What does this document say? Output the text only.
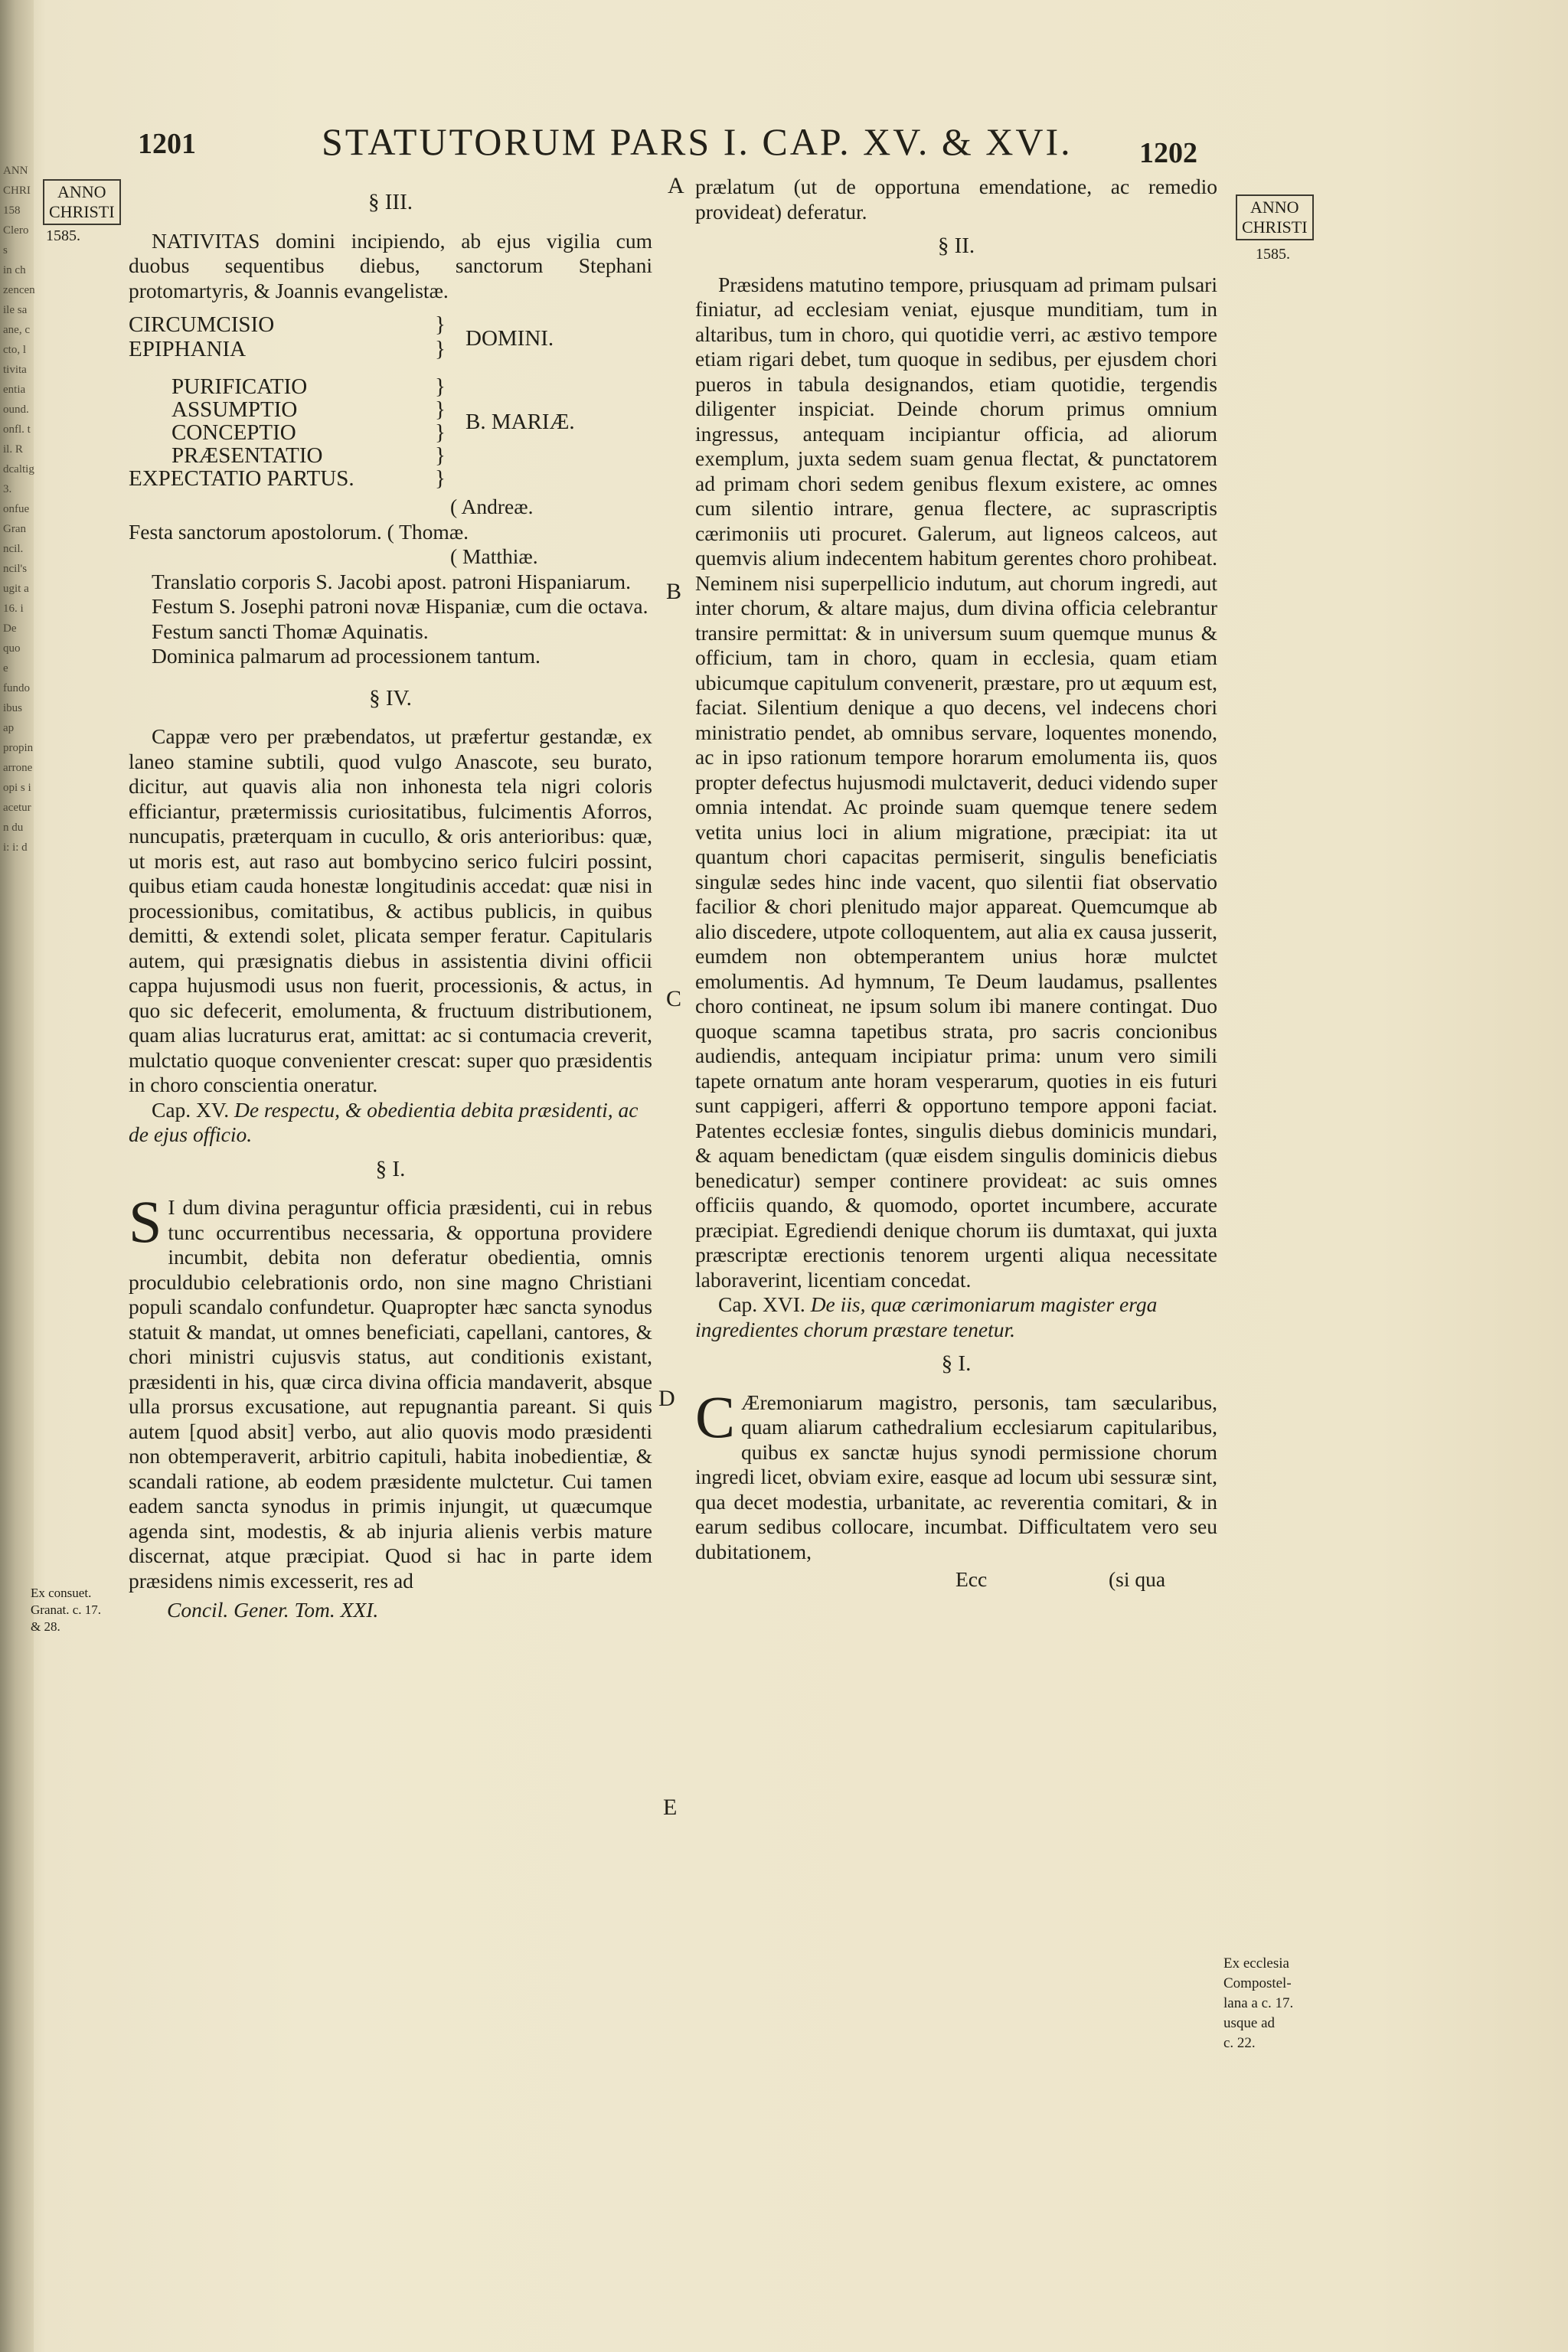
ANN
CHRI
158
Clero s
in ch
zencen
ile sa
ane, c
cto, l
tivita
entia
ound.
onfl. t
il. R
dcaltig
3.
onfue
Gran
ncil.
ncil's
ugit a
16. i
De quo
e fundo
ibus ap
propin
arrone
opi s i
acetur
n du
i: i: d
1201	STATUTORUM PARS I. CAP. XV. & XVI. 1202
ANNO
CHRISTI
1585.
ANNO
CHRISTI
1585.
Ex consuet.
Granat. c. 17.
& 28.
Ex ecclesia
Compostel-
lana a c. 17.
usque ad
c. 22.
A
B
C
D
E
§ III.

NATIVITAS domini incipiendo, ab ejus vigilia cum duobus sequentibus diebus, sanctorum Stephani protomartyris, & Joannis evangelistæ.

CIRCUMCISIO	}
EPIPHANIA	} DOMINI.
PURIFICATIO	}
ASSUMPTIO	}
CONCEPTIO	}
PRÆSENTATIO	}
EXPECTATIO PARTUS.	}
B. MARIÆ.
( Andreæ.
Festa sanctorum apostolorum. ( Thomæ.
( Matthiæ.

Translatio corporis S. Jacobi apost. patroni Hispaniarum.

Festum S. Josephi patroni novæ Hispaniæ, cum die octava.

Festum sancti Thomæ Aquinatis.

Dominica palmarum ad processionem tantum.

§ IV.

Cappæ vero per præbendatos, ut præfertur gestandæ, ex laneo stamine subtili, quod vulgo Anascote, seu burato, dicitur, aut quavis alia non inhonesta tela nigri coloris efficiantur, prætermissis curiositatibus, fulcimentis Aforros, nuncupatis, præterquam in cucullo, & oris anterioribus: quæ, ut moris est, aut raso aut bombycino serico fulciri possint, quibus etiam cauda honestæ longitudinis accedat: quæ nisi in processionibus, comitatibus, & actibus publicis, in quibus demitti, & extendi solet, plicata semper feratur. Capitularis autem, qui præsignatis diebus in assistentia divini officii cappa hujusmodi usus non fuerit, processionis, & actus, in quo sic defecerit, emolumenta, & fructuum distributionem, quam alias lucraturus erat, amittat: ac si contumacia creverit, mulctatio quoque convenienter crescat: super quo præsidentis in choro conscientia oneratur.

Cap. XV. De respectu, & obedientia debita præsidenti, ac de ejus officio.

§ I.

S I dum divina peraguntur officia præsidenti, cui in rebus tunc occurrentibus necessaria, & opportuna providere incumbit, debita non deferatur obedientia, omnis proculdubio celebrationis ordo, non sine magno Christiani populi scandalo confundetur. Quapropter hæc sancta synodus statuit & mandat, ut omnes beneficiati, capellani, cantores, & chori ministri cujusvis status, aut conditionis existant, præsidenti in his, quæ circa divina officia mandaverit, absque ulla prorsus excusatione, aut repugnantia pareant. Si quis autem [quod absit] verbo, aut alio quovis modo præsidenti non obtemperaverit, arbitrio capituli, habita inobedientiæ, & scandali ratione, ab eodem præsidente mulctetur. Cui tamen eadem sancta synodus in primis injungit, ut quæcumque agenda sint, modestis, & ab injuria alienis verbis mature discernat, atque præcipiat. Quod si hac in parte idem præsidens nimis excesserit, res ad

Concil. Gener. Tom. XXI.

prælatum (ut de opportuna emendatione, ac remedio provideat) deferatur.

§ II.

Præsidens matutino tempore, priusquam ad primam pulsari finiatur, ad ecclesiam veniat, ejusque munditiam, tum in altaribus, tum in choro, qui quotidie verri, ac æstivo tempore etiam rigari debet, tum quoque in sedibus, per ejusdem chori pueros in tabula designandos, etiam quotidie, tergendis diligenter inspiciat. Deinde chorum primus omnium ingressus, antequam incipiantur officia, ad aliorum exemplum, juxta sedem suam genua flectat, & punctatorem ad primam chori sedem genibus flexum existere, ac omnes cum silentio intrare, genua flectere, ac suprascriptis cærimoniis uti procuret. Galerum, aut ligneos calceos, aut quemvis alium indecentem habitum gerentes choro prohibeat. Neminem nisi superpellicio indutum, aut chorum ingredi, aut inter chorum, & altare majus, dum divina officia celebrantur transire permittat: & in universum suum quemque munus & officium, tam in choro, quam in ecclesia, quam etiam ubicumque capitulum convenerit, præstare, pro ut æquum est, faciat. Silentium denique a quo decens, vel indecens chori ministratio pendet, ab omnibus servare, loquentes monendo, ac in ipso rationum tempore horarum emolumenta iis, quos propter defectus hujusmodi mulctaverit, deduci videndo super omnia intendat. Ac proinde suam quemque tenere sedem vetita unius loci in alium migratione, præcipiat: ita ut quantum chori capacitas permiserit, singulis beneficiatis singulæ sedes hinc inde vacent, quo silentii fiat observatio facilior & chori plenitudo major appareat. Quemcumque ab alio discedere, utpote colloquentem, aut alia ex causa jusserit, eumdem non obtemperantem unius horæ mulctet emolumentis. Ad hymnum, Te Deum laudamus, psallentes choro contineat, ne ipsum solum ibi manere contingat. Duo quoque scamna tapetibus strata, pro sacris concionibus audiendis, antequam incipiatur prima: unum vero simili tapete ornatum ante horam vesperarum, quoties in eis futuri sunt cappigeri, afferri & opportuno tempore apponi faciat. Patentes ecclesiæ fontes, singulis diebus dominicis mundari, & aquam benedictam (quæ eisdem singulis dominicis diebus benedicatur) semper continere provideat: ac suis omnes officiis quando, & quomodo, oportet incumbere, accurate præcipiat. Egrediendi denique chorum iis dumtaxat, qui juxta præscriptæ erectionis tenorem urgenti aliqua necessitate laboraverint, licentiam concedat.

Cap. XVI. De iis, quæ cærimoniarum magister erga ingredientes chorum præstare tenetur.

§ I.

C Æremoniarum magistro, personis, tam sæcularibus, quam aliarum cathedralium ecclesiarum capitularibus, quibus ex sanctæ hujus synodi permissione chorum ingredi licet, obviam exire, easque ad locum ubi sessuræ sint, qua decet modestia, urbanitate, ac reverentia comitari, & in earum sedibus collocare, incumbat. Difficultatem vero seu dubitationem,

Ecc	(si qua
